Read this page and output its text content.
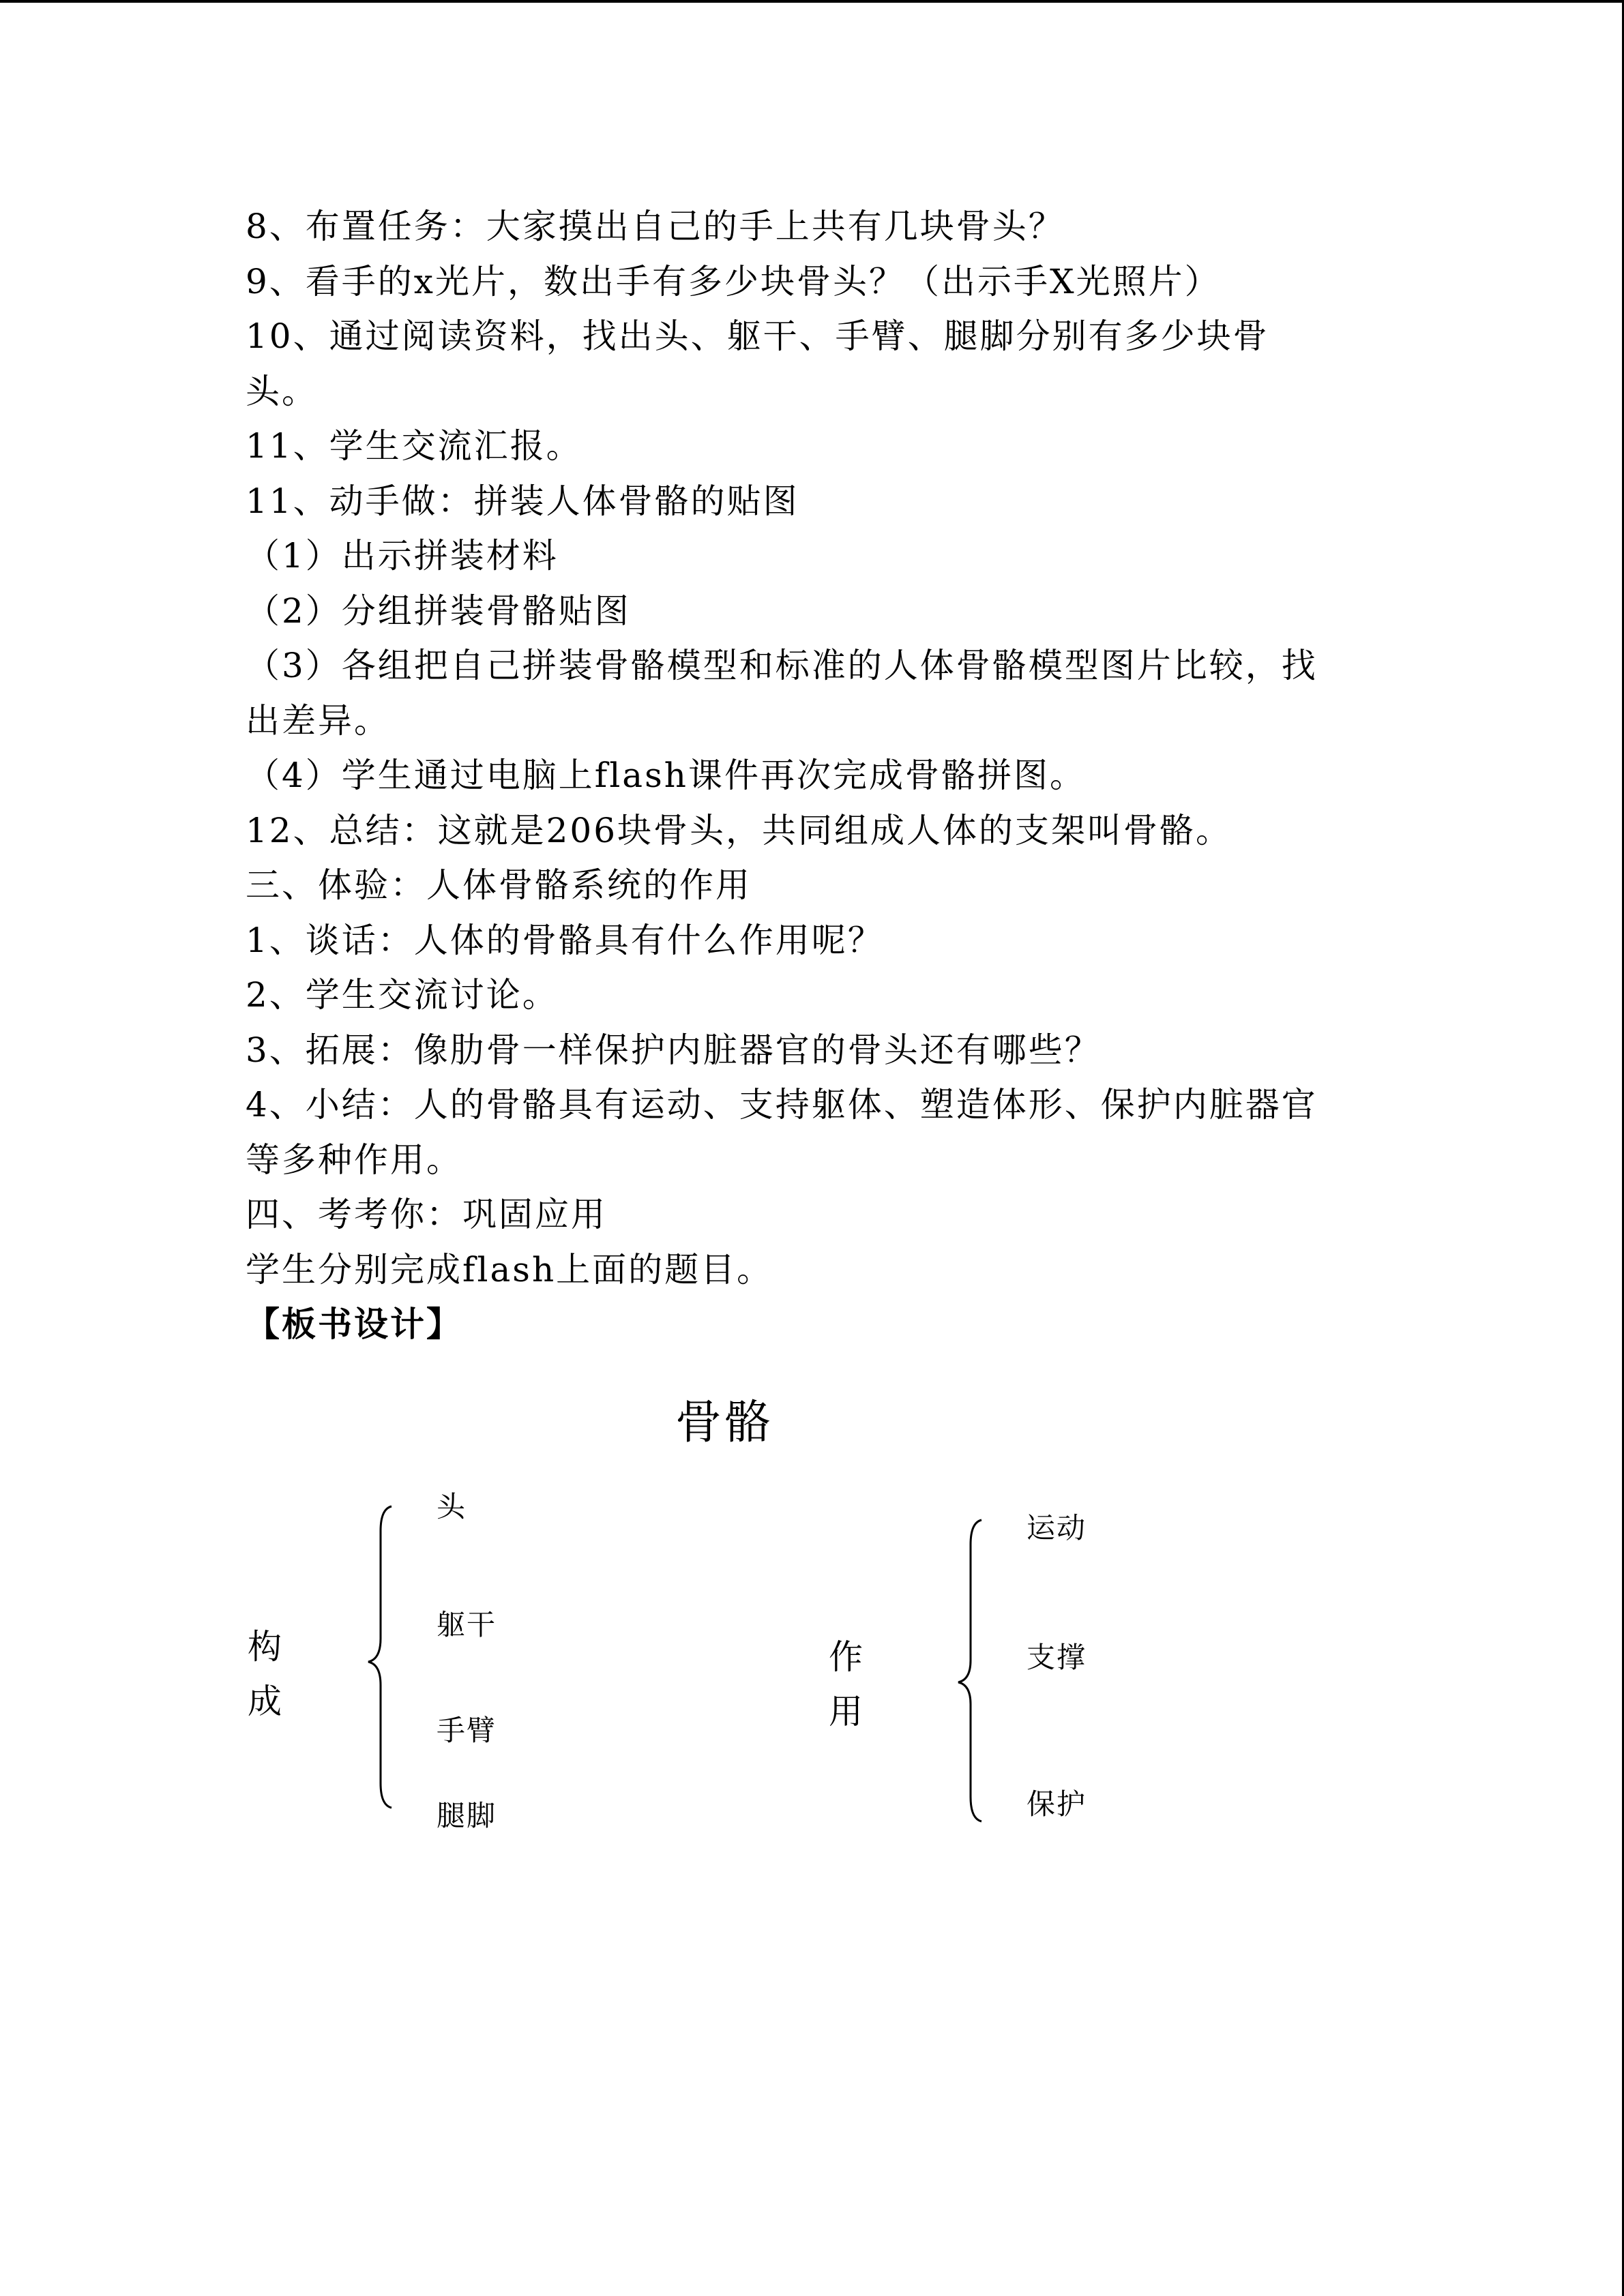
8、布置任务：大家摸出自己的手上共有几块骨头？
9、看手的x光片，数出手有多少块骨头？（出示手X光照片）
10、通过阅读资料，找出头、躯干、手臂、腿脚分别有多少块骨
头。
11、学生交流汇报。
11、动手做：拼装人体骨骼的贴图
（1）出示拼装材料
（2）分组拼装骨骼贴图
（3）各组把自己拼装骨骼模型和标准的人体骨骼模型图片比较，找
出差异。
（4）学生通过电脑上flash课件再次完成骨骼拼图。
12、总结：这就是206块骨头，共同组成人体的支架叫骨骼。
三、体验：人体骨骼系统的作用
1、谈话：人体的骨骼具有什么作用呢？
2、学生交流讨论。
3、拓展：像肋骨一样保护内脏器官的骨头还有哪些？
4、小结：人的骨骼具有运动、支持躯体、塑造体形、保护内脏器官
等多种作用。
四、考考你：巩固应用
学生分别完成flash上面的题目。
【板书设计】
骨骼
构成
头
躯干
手臂
腿脚
作用
运动
支撑
保护
